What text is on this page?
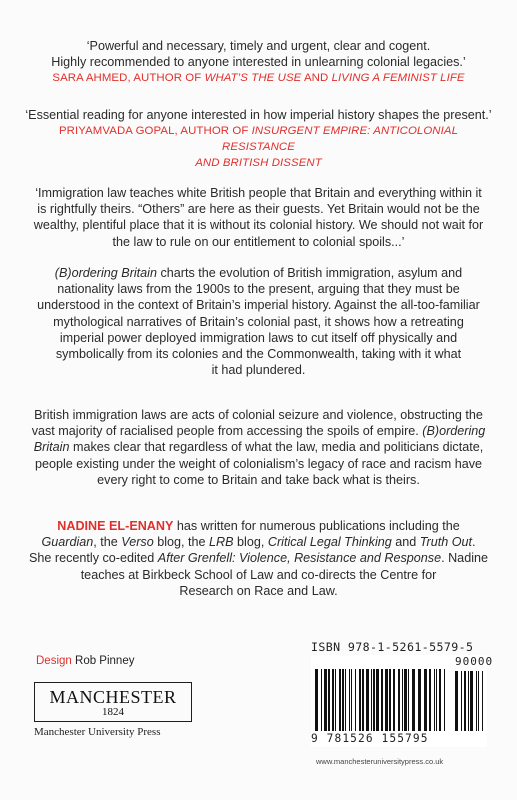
‘Powerful and necessary, timely and urgent, clear and cogent.

Highly recommended to anyone interested in unlearning colonial legacies.’

SARA AHMED, AUTHOR OF WHAT’S THE USE AND LIVING A FEMINIST LIFE

‘Essential reading for anyone interested in how imperial history shapes the present.’

PRIYAMVADA GOPAL, AUTHOR OF INSURGENT EMPIRE: ANTICOLONIAL RESISTANCE

AND BRITISH DISSENT

‘Immigration law teaches white British people that Britain and everything within it

is rightfully theirs. “Others” are here as their guests. Yet Britain would not be the

wealthy, plentiful place that it is without its colonial history. We should not wait for

the law to rule on our entitlement to colonial spoils...’

(B)ordering Britain charts the evolution of British immigration, asylum and

nationality laws from the 1900s to the present, arguing that they must be

understood in the context of Britain’s imperial history. Against the all-too-familiar

mythological narratives of Britain’s colonial past, it shows how a retreating

imperial power deployed immigration laws to cut itself off physically and

symbolically from its colonies and the Commonwealth, taking with it what

it had plundered.

British immigration laws are acts of colonial seizure and violence, obstructing the

vast majority of racialised people from accessing the spoils of empire. (B)ordering

Britain makes clear that regardless of what the law, media and politicians dictate,

people existing under the weight of colonialism’s legacy of race and racism have

every right to come to Britain and take back what is theirs.

NADINE EL-ENANY has written for numerous publications including the

Guardian, the Verso blog, the LRB blog, Critical Legal Thinking and Truth Out.

She recently co-edited After Grenfell: Violence, Resistance and Response. Nadine

teaches at Birkbeck School of Law and co-directs the Centre for

Research on Race and Law.

Design Rob Pinney
MANCHESTER
1824
Manchester University Press
ISBN 978-1-5261-5579-5
90000
9 781526 155795
www.manchesteruniversitypress.co.uk
